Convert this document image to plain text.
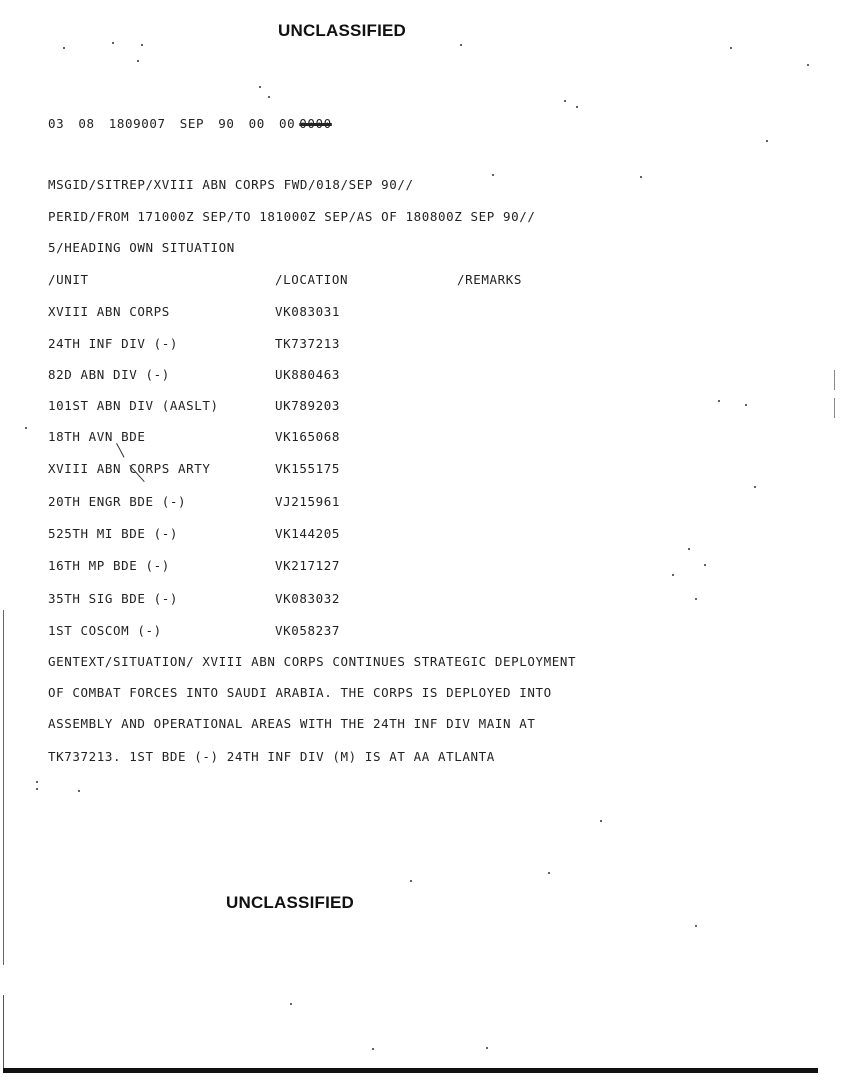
UNCLASSIFIED
03 08 1809007 SEP 90 00 00 0000
MSGID/SITREP/XVIII ABN CORPS FWD/018/SEP 90//
PERID/FROM 171000Z SEP/TO 181000Z SEP/AS OF 180800Z SEP 90//
5/HEADING OWN SITUATION
/UNIT	/LOCATION	/REMARKS
XVIII ABN CORPS	VK083031
24TH INF DIV (-)	TK737213
82D ABN DIV (-)	UK880463
101ST ABN DIV (AASLT)	UK789203
18TH AVN BDE	VK165068
XVIII ABN CORPS ARTY	VK155175
20TH ENGR BDE (-)	VJ215961
525TH MI BDE (-)	VK144205
16TH MP BDE (-)	VK217127
35TH SIG BDE (-)	VK083032
1ST COSCOM (-)	VK058237
GENTEXT/SITUATION/ XVIII ABN CORPS CONTINUES STRATEGIC DEPLOYMENT
OF COMBAT FORCES INTO SAUDI ARABIA. THE CORPS IS DEPLOYED INTO
ASSEMBLY AND OPERATIONAL AREAS WITH THE 24TH INF DIV MAIN AT
TK737213. 1ST BDE (-) 24TH INF DIV (M) IS AT AA ATLANTA
UNCLASSIFIED
